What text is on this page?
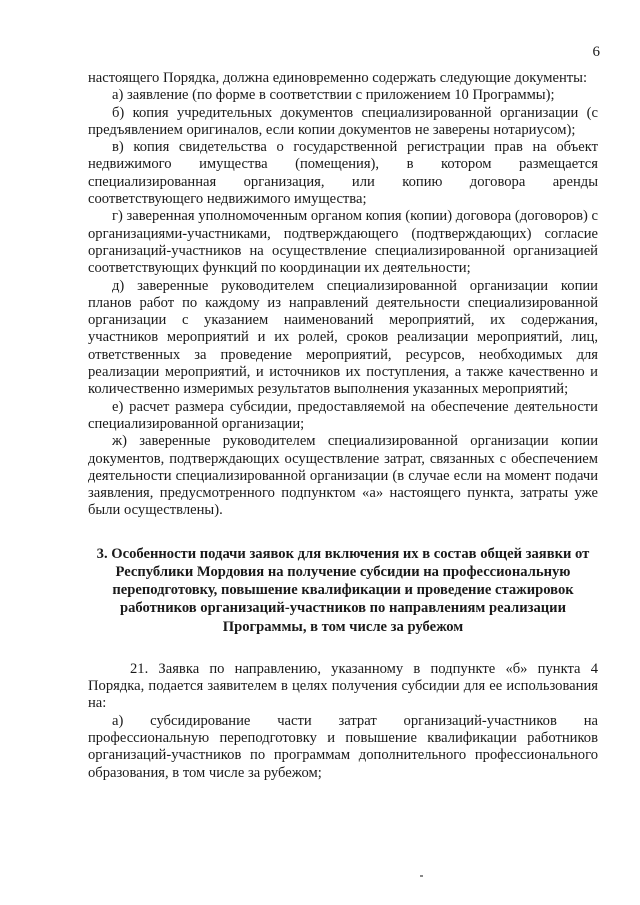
6

настоящего Порядка, должна единовременно содержать следующие документы:

а) заявление (по форме в соответствии с приложением 10 Программы);

б) копия учредительных документов специализированной организации (с предъявлением оригиналов, если копии документов не заверены нотариусом);

в) копия свидетельства о государственной регистрации прав на объект недвижимого имущества (помещения), в котором размещается специализированная организация, или копию договора аренды соответствующего недвижимого имущества;

г) заверенная уполномоченным органом копия (копии) договора (договоров) с организациями-участниками, подтверждающего (подтверждающих) согласие организаций-участников на осуществление специализированной организацией соответствующих функций по координации их деятельности;

д) заверенные руководителем специализированной организации копии планов работ по каждому из направлений деятельности специализированной организации с указанием наименований мероприятий, их содержания, участников мероприятий и их ролей, сроков реализации мероприятий, лиц, ответственных за проведение мероприятий, ресурсов, необходимых для реализации мероприятий, и источников их поступления, а также качественно и количественно измеримых результатов выполнения указанных мероприятий;

е) расчет размера субсидии, предоставляемой на обеспечение деятельности специализированной организации;

ж) заверенные руководителем специализированной организации копии документов, подтверждающих осуществление затрат, связанных с обеспечением деятельности специализированной организации (в случае если на момент подачи заявления, предусмотренного подпунктом «а» настоящего пункта, затраты уже были осуществлены).

3. Особенности подачи заявок для включения их в состав общей заявки от Республики Мордовия на получение субсидии на профессиональную переподготовку, повышение квалификации и проведение стажировок работников организаций-участников по направлениям реализации Программы, в том числе за рубежом

21. Заявка по направлению, указанному в подпункте «б» пункта 4 Порядка, подается заявителем в целях получения субсидии для ее использования на:

а) субсидирование части затрат организаций-участников на профессиональную переподготовку и повышение квалификации работников организаций-участников по программам дополнительного профессионального образования, в том числе за рубежом;
